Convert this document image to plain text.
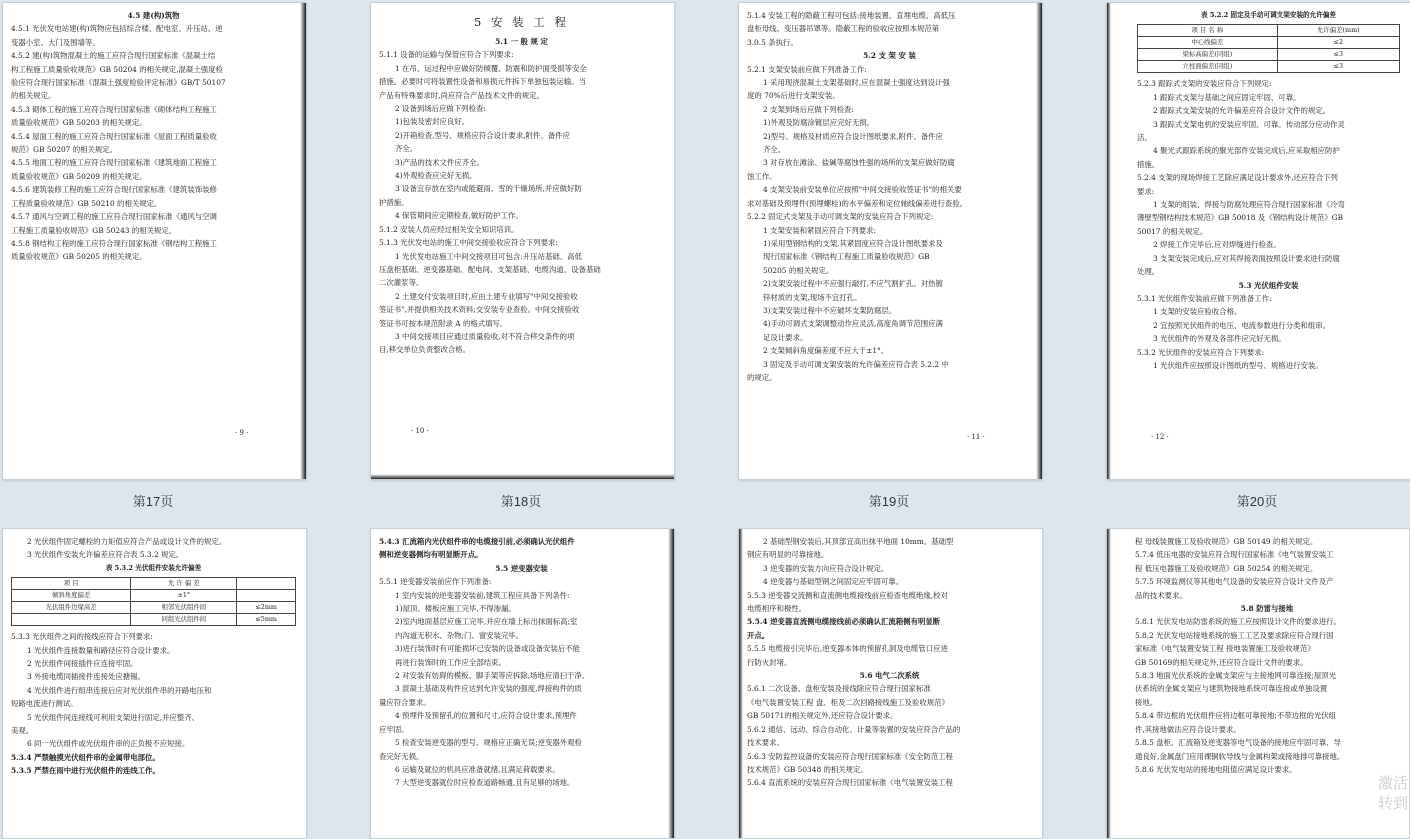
4.5 建(构)筑物
4.5.1 光伏发电站建(构)筑物应包括综合楼、配电室、升压站、逆
变器小室、大门及围墙等。
4.5.2 建(构)筑物混凝土的施工应符合现行国家标准《混凝土结
构工程施工质量验收规范》GB 50204 的相关规定,混凝土强度检
验应符合现行国家标准《混凝土强度检验评定标准》GB/T 50107
的相关规定。
4.5.3 砌体工程的施工应符合现行国家标准《砌体结构工程施工
质量验收规范》GB 50203 的相关规定。
4.5.4 屋面工程的施工应符合现行国家标准《屋面工程质量验收
规范》GB 50207 的相关规定。
4.5.5 地面工程的施工应符合现行国家标准《建筑地面工程施工
质量验收规范》GB 50209 的相关规定。
4.5.6 建筑装修工程的施工应符合现行国家标准《建筑装饰装修
工程质量验收规范》GB 50210 的相关规定。
4.5.7 通风与空调工程的施工应符合现行国家标准《通风与空调
工程施工质量验收规范》GB 50243 的相关规定。
4.5.8 钢结构工程的施工应符合现行国家标准《钢结构工程施工
质量验收规范》GB 50205 的相关规定。
· 9 ·
第17页
5 安 装 工 程
5.1 一 般 规 定
5.1.1 设备的运输与保管应符合下列要求:
1 在吊、运过程中应做好防倾覆、防震和防护面受损等安全
措施。必要时可将装置性设备和易损元件拆下单独包装运输。当
产品有特殊要求时,尚应符合产品技术文件的规定。
2 设备到场后应做下列检查:
1)包装及密封应良好。
2)开箱检查,型号、规格应符合设计要求,附件、备件应
齐全。
3)产品的技术文件应齐全。
4)外观检查应完好无损。
3 设备宜存放在室内或能避雨、雪的干燥场所,并应做好防
护措施。
4 保管期间应定期检查,做好防护工作。
5.1.2 安装人员应经过相关安全知识培训。
5.1.3 光伏发电站的施工中间交接验收应符合下列要求:
1 光伏发电站施工中间交接项目可包含:升压站基础、高低
压盘柜基础、逆变器基础、配电间、支架基础、电缆沟道、设备基础
二次灌浆等。
2 土建交付安装项目时,应由土建专业填写"中间交接验收
签证书",并提供相关技术资料;交安装专业查验。中间交接验收
签证书可按本规范附录 A 的格式填写。
3 中间交接项目应通过质量验收,对不符合移交条件的项
目,移交单位负责整改合格。
· 10 ·
第18页
5.1.4 安装工程的隐蔽工程可包括:接地装置、直埋电缆、高低压
盘柜母线、变压器吊罩等。隐蔽工程的验收应按照本规范第
3.0.5 条执行。
5.2 支 架 安 装
5.2.1 支架安装前应做下列准备工作:
1 采用现浇混凝土支架基础时,应在混凝土强度达到设计强
度的 70%后进行支架安装。
2 支架到场后应做下列检查:
1)外观及防腐涂镀层应完好无损。
2)型号、规格及材质应符合设计图纸要求,附件、备件应
齐全。
3 对存放在滩涂、盐碱等腐蚀性强的场所的支架应做好防腐
蚀工作。
4 支架安装前安装单位应按照"中间交接验收签证书"的相关要
求对基础及预埋件(预埋螺栓)的水平偏差和定位轴线偏差进行查验。
5.2.2 固定式支架及手动可调支架的安装应符合下列规定:
1 支架安装和紧固应符合下列要求:
1)采用型钢结构的支架,其紧固度应符合设计图纸要求及
现行国家标准《钢结构工程施工质量验收规范》GB
50205 的相关规定。
2)支架安装过程中不应强行敲打,不应气割扩孔。对热镀
锌材质的支架,现场不宜打孔。
3)支架安装过程中不应破坏支架防腐层。
4)手动可调式支架调整动作应灵活,高度角调节范围应满
足设计要求。
2 支架倾斜角度偏差度不应大于±1°。
3 固定及手动可调支架安装的允许偏差应符合表 5.2.2 中
的规定。
· 11 ·
第19页
表 5.2.2 固定及手动可调支架安装的允许偏差
项 目 名 称	允许偏差(mm)
中心线偏差	≤2
梁标高偏差(同组)	≤3
立柱面偏差(同组)	≤3
5.2.3 跟踪式支架的安装应符合下列规定:
1 跟踪式支架与基础之间应固定牢固、可靠。
2 跟踪式支架安装的允许偏差应符合设计文件的规定。
3 跟踪式支架电机的安装应牢固、可靠。传动部分应动作灵
活。
4 聚光式跟踪系统的聚光部件安装完成后,应采取相应防护
措施。
5.2.4 支架的现场焊接工艺除应满足设计要求外,还应符合下列
要求:
1 支架的组装、焊接与防腐处理应符合现行国家标准《冷弯
薄壁型钢结构技术规范》GB 50018 及《钢结构设计规范》GB
50017 的相关规定。
2 焊接工作完毕后,应对焊缝进行检查。
3 支架安装完成后,应对其焊接表面按照设计要求进行防腐
处理。
5.3 光伏组件安装
5.3.1 光伏组件安装前应做下列准备工作:
1 支架的安装应验收合格。
2 宜按照光伏组件的电压、电流参数进行分类和组串。
3 光伏组件的外观及各部件应完好无损。
5.3.2 光伏组件的安装应符合下列要求:
1 光伏组件应按照设计图纸的型号、规格进行安装。
· 12 ·
第20页
2 光伏组件固定螺栓的力矩值应符合产品或设计文件的规定。
3 光伏组件安装允许偏差应符合表 5.3.2 规定。
表 5.3.2 光伏组件安装允许偏差
项 目	允 许 偏 差	
倾斜角度偏差	±1°	
光伏组件边缘高差	相邻光伏组件间	≤2mm
	同组光伏组件间	≤5mm
5.3.3 光伏组件之间的接线应符合下列要求:
1 光伏组件连接数量和路径应符合设计要求。
2 光伏组件间接插件应连接牢固。
3 外接电缆同插接件连接处应搪锡。
4 光伏组件进行组串连接后应对光伏组件串的开路电压和
短路电流进行测试。
5 光伏组件间连接线可利用支架进行固定,并应整齐、
美观。
6 同一光伏组件或光伏组件串的正负极不应短接。
5.3.4 严禁触摸光伏组件串的金属带电部位。
5.3.5 严禁在雨中进行光伏组件的连线工作。
5.4.3 汇流箱内光伏组件串的电缆接引前,必须确认光伏组件
侧和逆变器侧均有明显断开点。
5.5 逆变器安装
5.5.1 逆变器安装前应作下列准备:
1 室内安装的逆变器安装前,建筑工程应具备下列条件:
1)屋顶、楼板应施工完毕,不得渗漏。
2)室内地面基层应施工完毕,并应在墙上标出抹面标高;室
内沟道无积水、杂物;门、窗安装完毕。
3)进行装饰时有可能损坏已安装的设备或设备安装后不能
再进行装饰时的工作应全部结束。
2 对安装有妨碍的模板、脚手架等应拆除,场地应清扫干净。
3 混凝土基础及构件应达到允许安装的强度,焊接构件的质
量应符合要求。
4 预埋件及预留孔的位置和尺寸,应符合设计要求,预埋件
应牢固。
5 检查安装逆变器的型号、规格应正确无误;逆变器外观检
查完好无损。
6 运输及就位的机具应准备就绪,且满足荷载要求。
7 大型逆变器就位时应检查道路畅通,且有足够的场地。
2 基础型钢安装后,其顶部宜高出抹平地面 10mm。基础型
钢应有明显的可靠接地。
3 逆变器的安装方向应符合设计规定。
4 逆变器与基础型钢之间固定应牢固可靠。
5.5.3 逆变器交流侧和直流侧电缆接线前应检查电缆绝缘,校对
电缆相序和极性。
5.5.4 逆变器直流侧电缆接线前必须确认汇流箱侧有明显断
开点。
5.5.5 电缆接引完毕后,逆变器本体的预留孔洞及电缆管口应进
行防火封堵。
5.6 电气二次系统
5.6.1 二次设备、盘柜安装及接线除应符合现行国家标准
《电气装置安装工程 盘、柜及二次回路接线施工及验收规范》
GB 50171的相关规定外,还应符合设计要求。
5.6.2 通信、远动、综合自动化、计量等装置的安装应符合产品的
技术要求。
5.6.3 安防监控设备的安装应符合现行国家标准《安全防范工程
技术规范》GB 50348 的相关规定。
5.6.4 直流系统的安装应符合现行国家标准《电气装置安装工程
程 母线装置施工及验收规范》GB 50149 的相关规定。
5.7.4 低压电器的安装应符合现行国家标准《电气装置安装工
程 低压电器施工及验收规范》GB 50254 的相关规定。
5.7.5 环境监测仪等其他电气设备的安装应符合设计文件及产
品的技术要求。
5.8 防雷与接地
5.8.1 光伏发电站防雷系统的施工应按照设计文件的要求进行。
5.8.2 光伏发电站接地系统的施工工艺及要求除应符合现行国
家标准《电气装置安装工程 接地装置施工及验收规范》
GB 50169的相关规定外,还应符合设计文件的要求。
5.8.3 地面光伏系统的金属支架应与主接地网可靠连接;屋顶光
伏系统的金属支架应与建筑物接地系统可靠连接或单独设置
接地。
5.8.4 带边框的光伏组件应将边框可靠接地;不带边框的光伏组
件,其接地做法应符合设计要求。
5.8.5 盘柜、汇流箱及逆变器等电气设备的接地应牢固可靠、导
通良好,金属盘门应用裸铜软导线与金属构架或接地排可靠接地。
5.8.6 光伏发电站的接地电阻值应满足设计要求。
激活
转到
